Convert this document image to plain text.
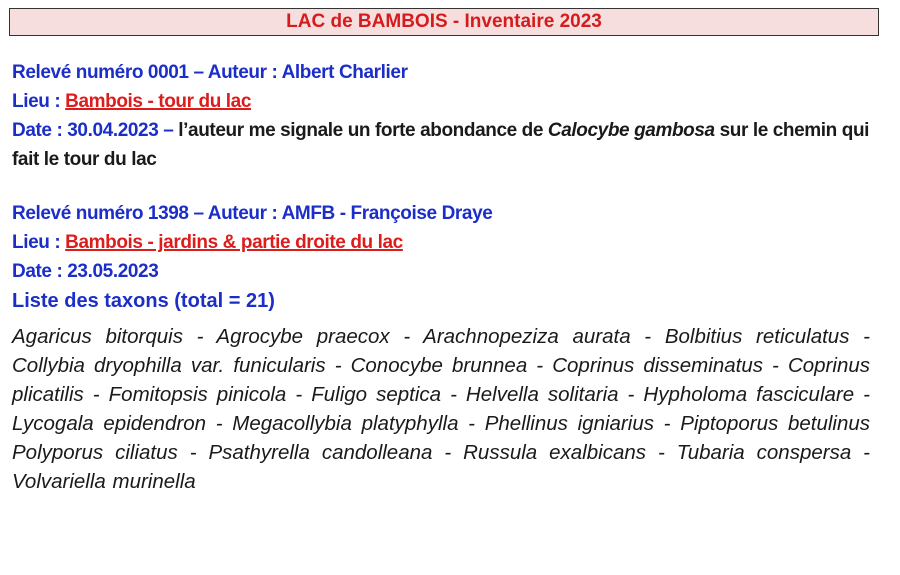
LAC de BAMBOIS - Inventaire 2023
Relevé numéro 0001 – Auteur : Albert Charlier
Lieu : Bambois - tour du lac
Date : 30.04.2023 – l’auteur me signale un forte abondance de Calocybe gambosa sur le chemin qui fait le tour du lac
Relevé numéro 1398 – Auteur : AMFB - Françoise Draye
Lieu : Bambois - jardins & partie droite du lac
Date : 23.05.2023
Liste des taxons (total = 21)
Agaricus bitorquis - Agrocybe praecox - Arachnopeziza aurata - Bolbitius reticulatus - Collybia dryophilla var. funicularis - Conocybe brunnea - Coprinus disseminatus - Coprinus plicatilis - Fomitopsis pinicola - Fuligo septica - Helvella solitaria - Hypholoma fasciculare - Lycogala epidendron - Megacollybia platyphylla - Phellinus igniarius - Piptoporus betulinus Polyporus ciliatus - Psathyrella candolleana - Russula exalbicans - Tubaria conspersa - Volvariella murinella
